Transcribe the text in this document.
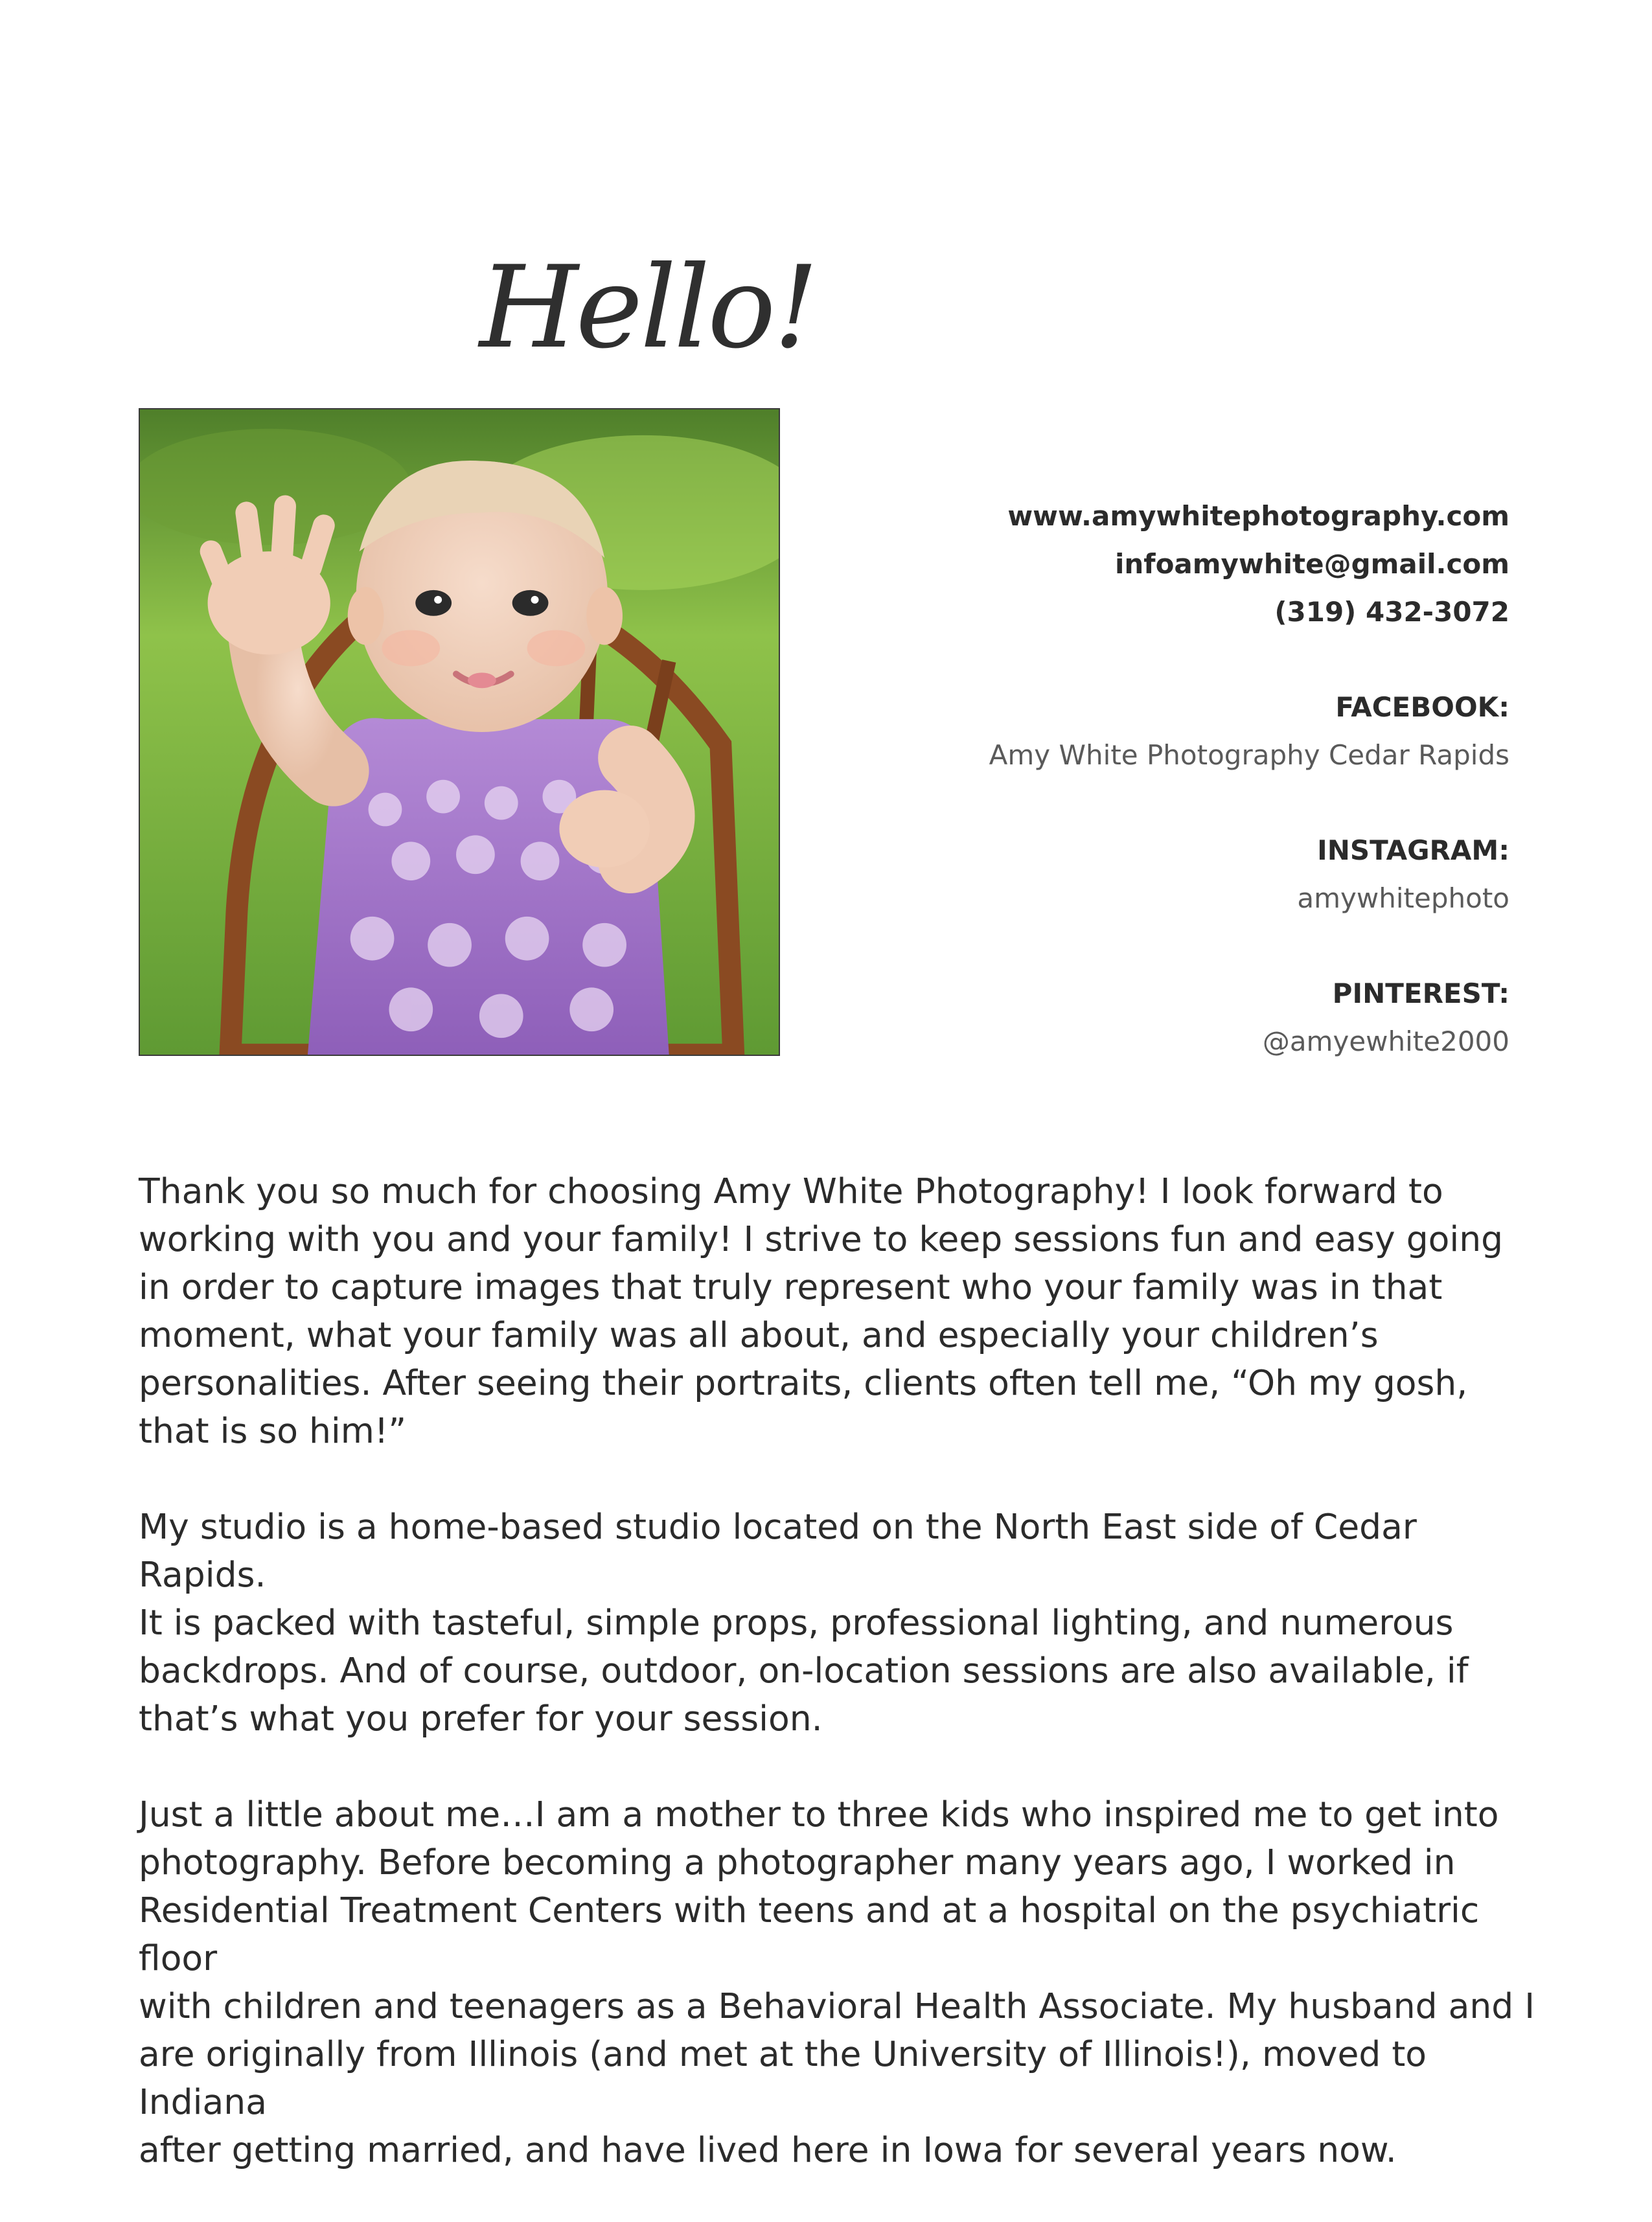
Hello!
www.amywhitephotography.com
infoamywhite@gmail.com
(319) 432-3072
FACEBOOK:
Amy White Photography Cedar Rapids
INSTAGRAM:
amywhitephoto
PINTEREST:
@amyewhite2000

Thank you so much for choosing Amy White Photography! I look forward to
working with you and your family! I strive to keep sessions fun and easy going
in order to capture images that truly represent who your family was in that
moment, what your family was all about, and especially your children’s
personalities. After seeing their portraits, clients often tell me, “Oh my gosh,
that is so him!”

My studio is a home-based studio located on the North East side of Cedar Rapids.
It is packed with tasteful, simple props, professional lighting, and numerous
backdrops. And of course, outdoor, on-location sessions are also available, if
that’s what you prefer for your session.

Just a little about me…I am a mother to three kids who inspired me to get into
photography. Before becoming a photographer many years ago, I worked in
Residential Treatment Centers with teens and at a hospital on the psychiatric floor
with children and teenagers as a Behavioral Health Associate. My husband and I
are originally from Illinois (and met at the University of Illinois!), moved to Indiana
after getting married, and have lived here in Iowa for several years now.
